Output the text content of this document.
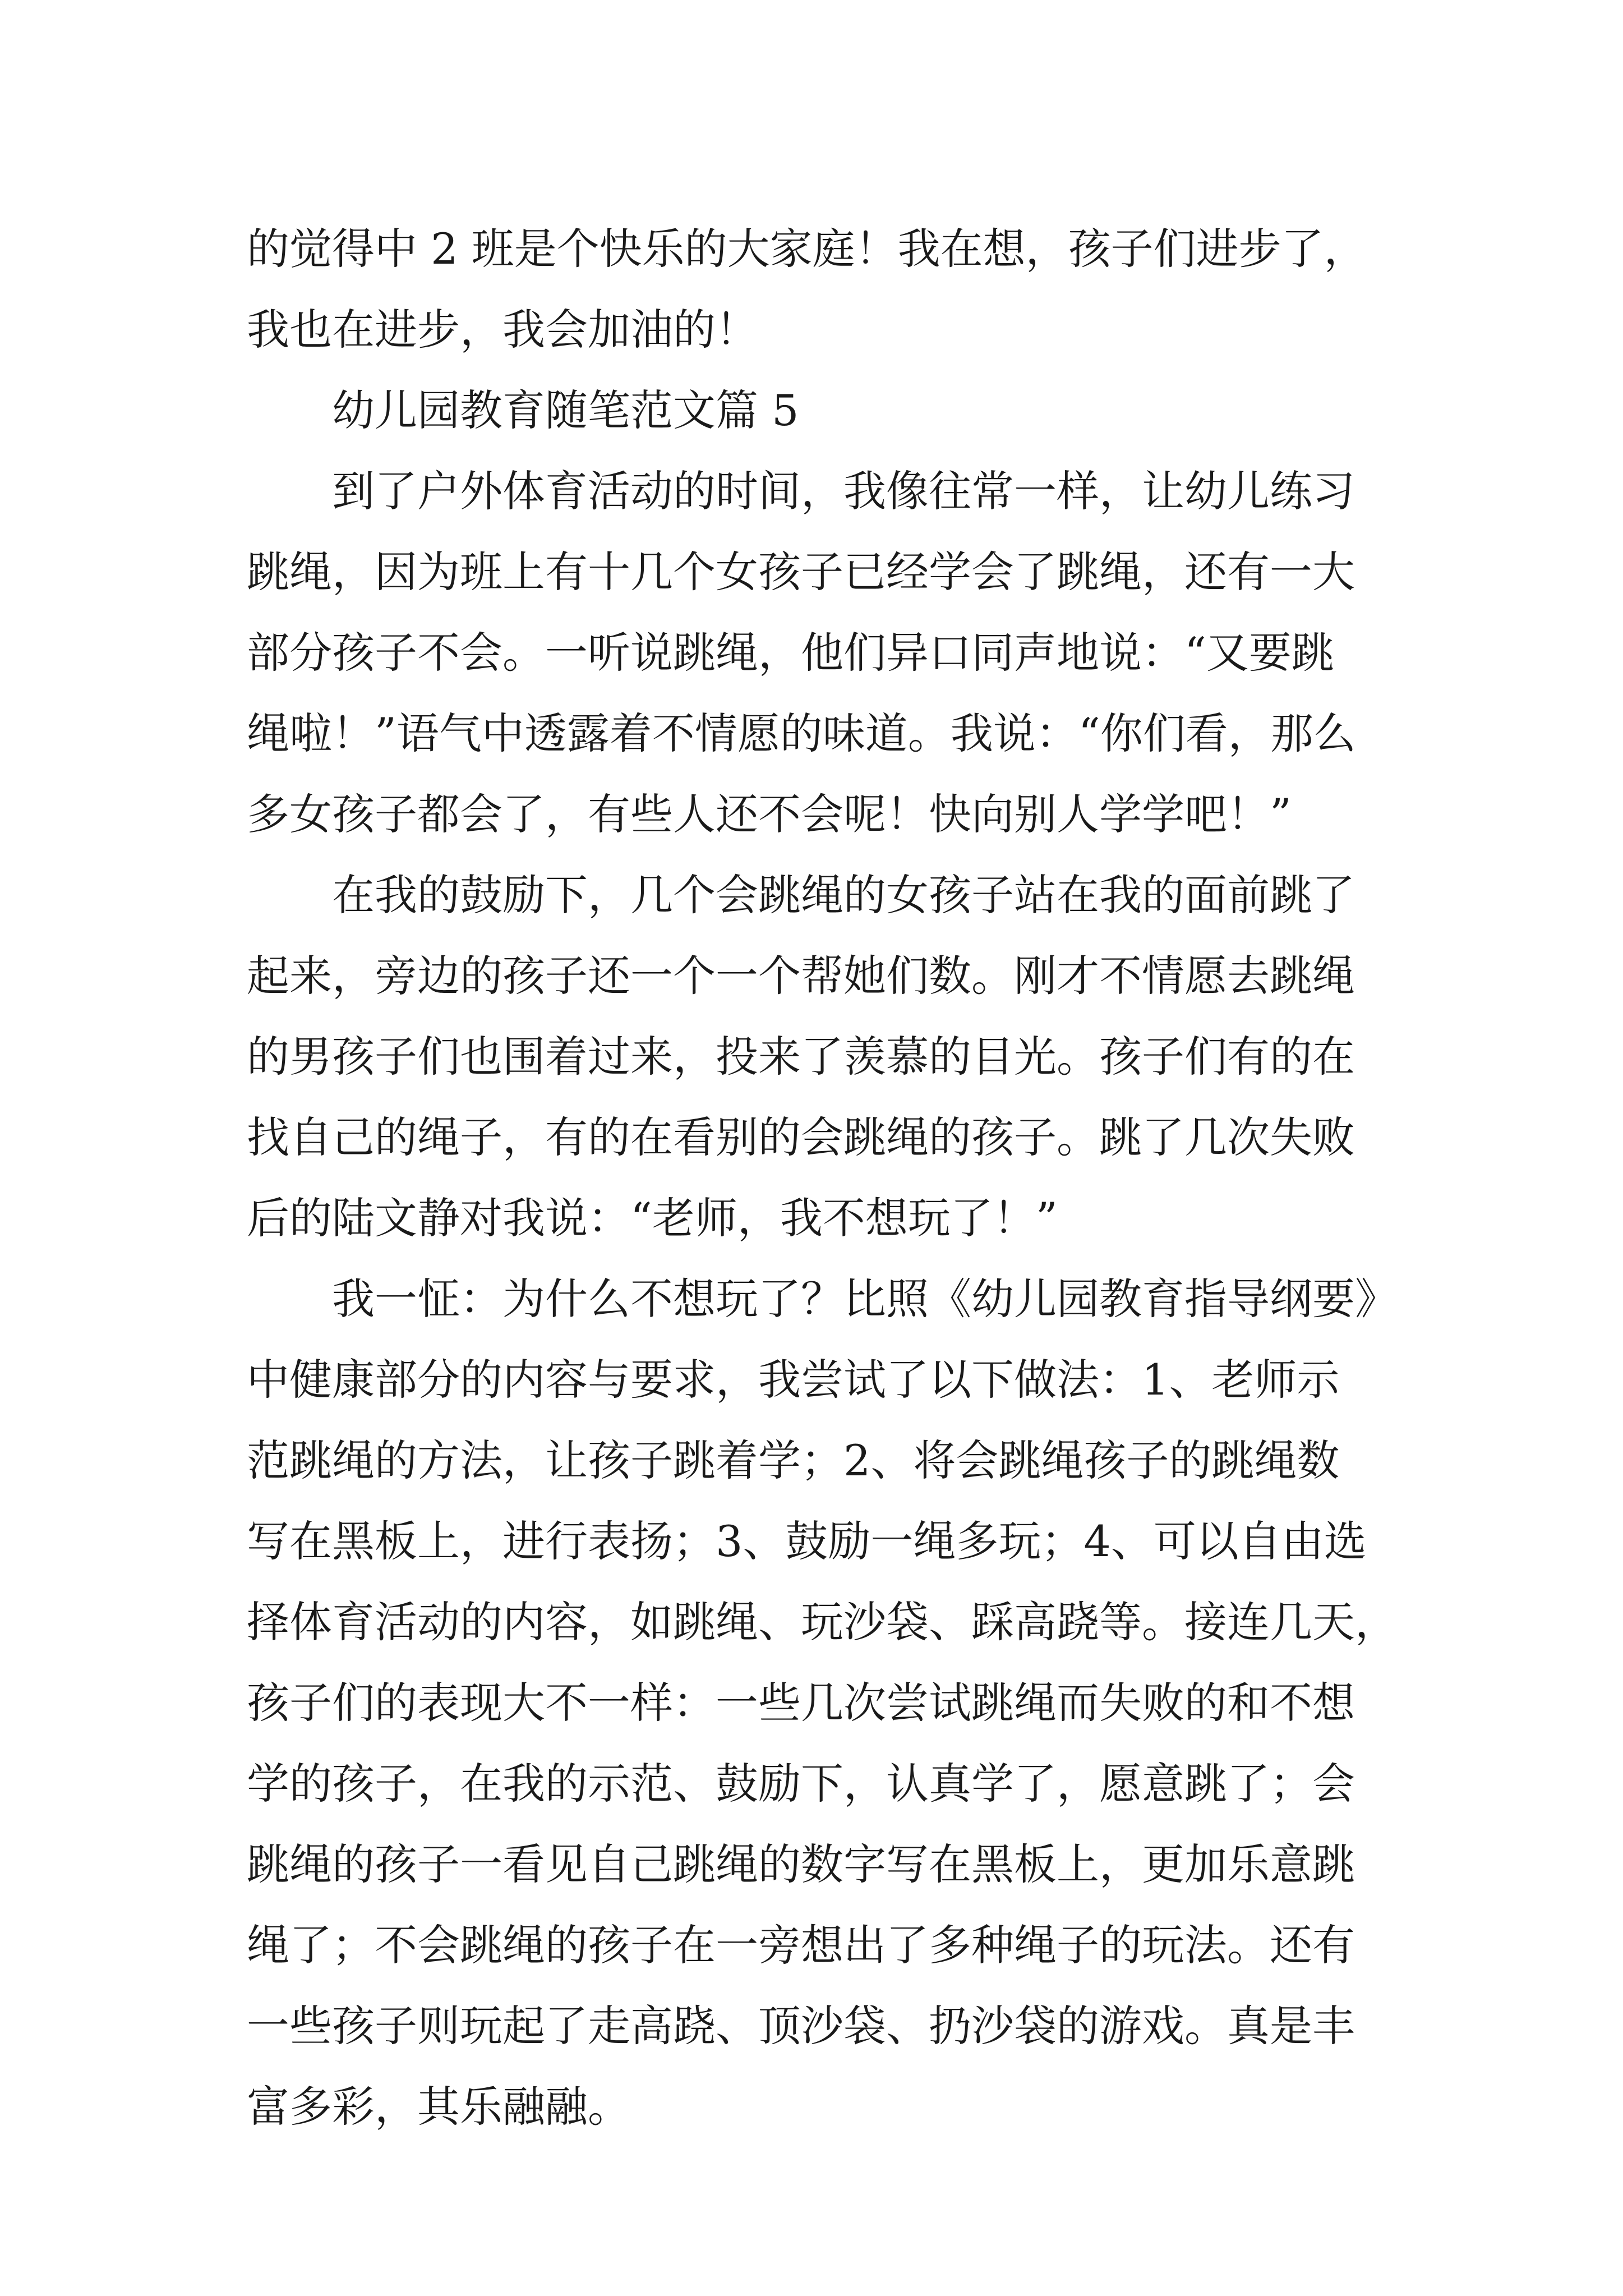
的觉得中 2 班是个快乐的大家庭！我在想，孩子们进步了，
我也在进步，我会加油的！
幼儿园教育随笔范文篇 5
到了户外体育活动的时间，我像往常一样，让幼儿练习
跳绳，因为班上有十几个女孩子已经学会了跳绳，还有一大
部分孩子不会。一听说跳绳，他们异口同声地说：“又要跳
绳啦！”语气中透露着不情愿的味道。我说：“你们看，那么
多女孩子都会了，有些人还不会呢！快向别人学学吧！”
在我的鼓励下，几个会跳绳的女孩子站在我的面前跳了
起来，旁边的孩子还一个一个帮她们数。刚才不情愿去跳绳
的男孩子们也围着过来，投来了羡慕的目光。孩子们有的在
找自己的绳子，有的在看别的会跳绳的孩子。跳了几次失败
后的陆文静对我说：“老师，我不想玩了！”
我一怔：为什么不想玩了？比照《幼儿园教育指导纲要》
中健康部分的内容与要求，我尝试了以下做法：1、老师示
范跳绳的方法，让孩子跳着学；2、将会跳绳孩子的跳绳数
写在黑板上，进行表扬；3、鼓励一绳多玩；4、可以自由选
择体育活动的内容，如跳绳、玩沙袋、踩高跷等。接连几天，
孩子们的表现大不一样：一些几次尝试跳绳而失败的和不想
学的孩子，在我的示范、鼓励下，认真学了，愿意跳了；会
跳绳的孩子一看见自己跳绳的数字写在黑板上，更加乐意跳
绳了；不会跳绳的孩子在一旁想出了多种绳子的玩法。还有
一些孩子则玩起了走高跷、顶沙袋、扔沙袋的游戏。真是丰
富多彩，其乐融融。
